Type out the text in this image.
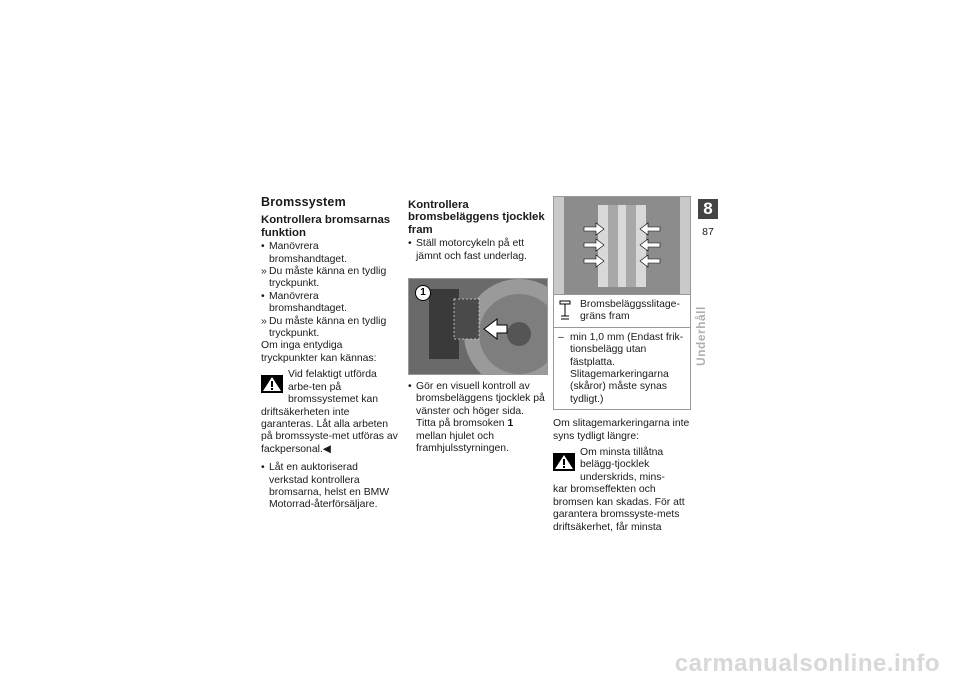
Bromssystem
Kontrollera bromsarnas funktion

• Manövrera bromshandtaget.

» Du måste känna en tydlig tryckpunkt.

• Manövrera bromshandtaget.

» Du måste känna en tydlig tryckpunkt.

Om inga entydiga tryckpunkter kan kännas:

Vid felaktigt utförda arbe-ten på bromssystemet kan

driftsäkerheten inte garanteras. Låt alla arbeten på bromssyste-met utföras av fackpersonal.◀

• Låt en auktoriserad verkstad kontrollera bromsarna, helst en BMW Motorrad-återförsäljare.

Kontrollera bromsbeläggens tjocklek fram

• Ställ motorcykeln på ett jämnt och fast underlag.

1

• Gör en visuell kontroll av bromsbeläggens tjocklek på vänster och höger sida. Titta på bromsoken 1 mellan hjulet och framhjulsstyrningen.

Bromsbeläggsslitage-gräns fram
– min 1,0 mm (Endast frik-tionsbelägg utan fästplatta. Slitagemarkeringarna (skåror) måste synas tydligt.)

Om slitagemarkeringarna inte syns tydligt längre:

Om minsta tillåtna belägg-tjocklek underskrids, mins-

kar bromseffekten och bromsen kan skadas. För att garantera bromssyste-mets driftsäkerhet, får minsta

8
87
Underhåll
carmanualsonline.info
